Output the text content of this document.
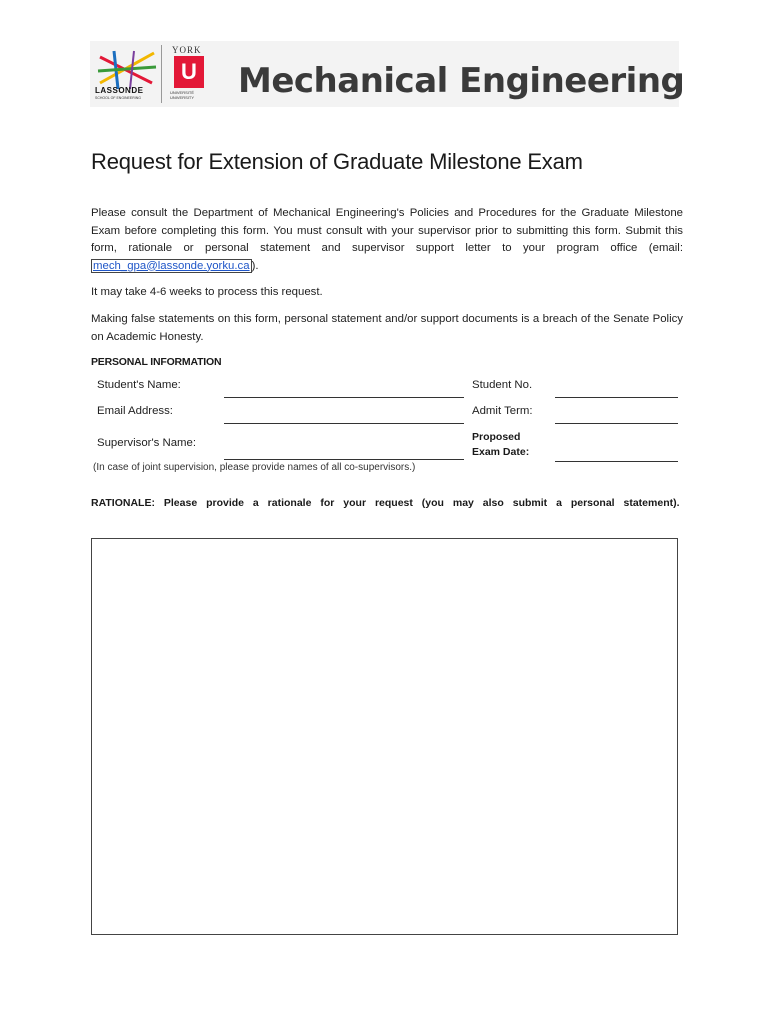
LASSONDE
SCHOOL OF ENGINEERING
YORK
U
UNIVERSITÉ
UNIVERSITY	Mechanical Engineering
Request for Extension of Graduate Milestone Exam
Please consult the Department of Mechanical Engineering's Policies and Procedures for the Graduate Milestone Exam before completing this form. You must consult with your supervisor prior to submitting this form. Submit this form, rationale or personal statement and supervisor support letter to your program office (email: mech_gpa@lassonde.yorku.ca ).
It may take 4-6 weeks to process this request.
Making false statements on this form, personal statement and/or support documents is a breach of the Senate Policy on Academic Honesty.
PERSONAL INFORMATION
Student's Name:	Student No.
Email Address:	Admit Term:
Supervisor's Name:	Proposed
Exam Date:
(In case of joint supervision, please provide names of all co-supervisors.)
RATIONALE: Please provide a rationale for your request (you may also submit a personal statement).
